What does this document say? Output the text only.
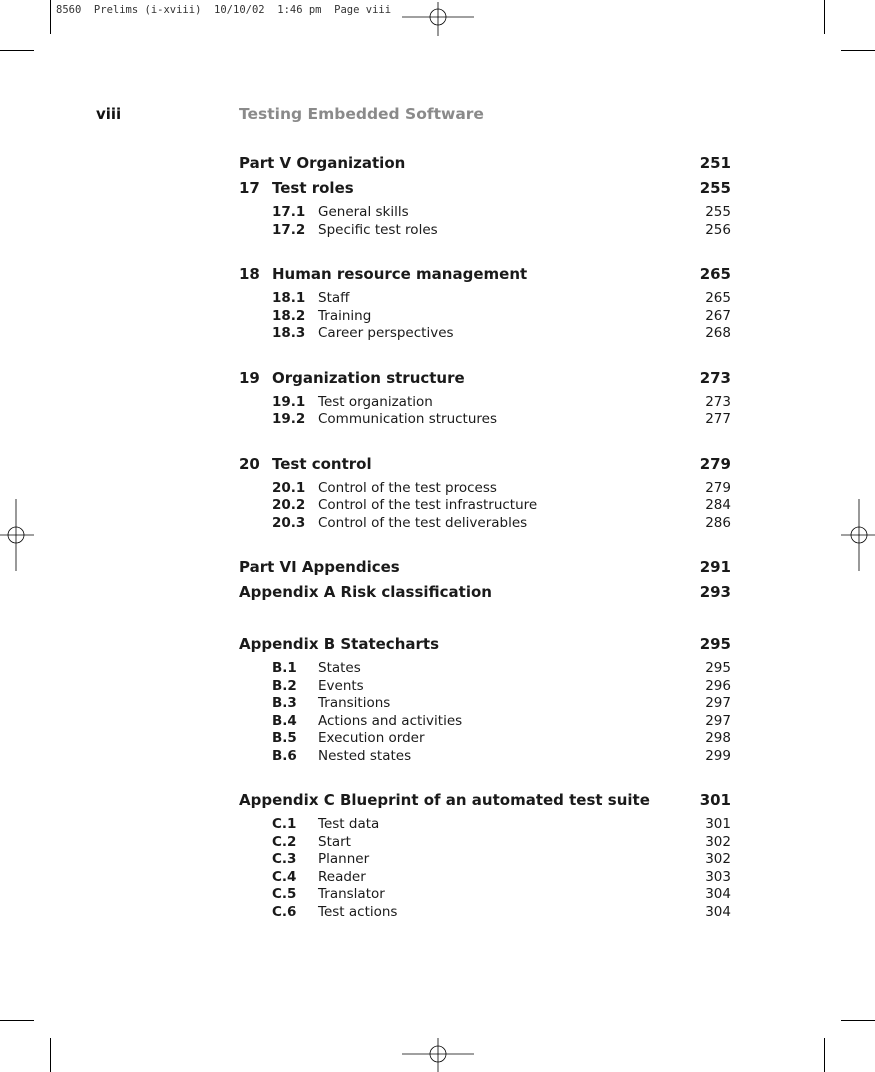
8560  Prelims (i-xviii)  10/10/02  1:46 pm  Page viii
viii	Testing Embedded Software
Part V Organization	251
17 Test roles	255
17.1 General skills	255
17.2 Specific test roles	256
18 Human resource management	265
18.1 Staff	265
18.2 Training	267
18.3 Career perspectives	268
19 Organization structure	273
19.1 Test organization	273
19.2 Communication structures	277
20 Test control	279
20.1 Control of the test process	279
20.2 Control of the test infrastructure	284
20.3 Control of the test deliverables	286
Part VI Appendices	291
Appendix A Risk classification	293
Appendix B Statecharts	295
B.1	States	295
B.2	Events	296
B.3	Transitions	297
B.4	Actions and activities	297
B.5	Execution order	298
B.6	Nested states	299
Appendix C Blueprint of an automated test suite	301
C.1	Test data	301
C.2	Start	302
C.3	Planner	302
C.4	Reader	303
C.5	Translator	304
C.6	Test actions	304
